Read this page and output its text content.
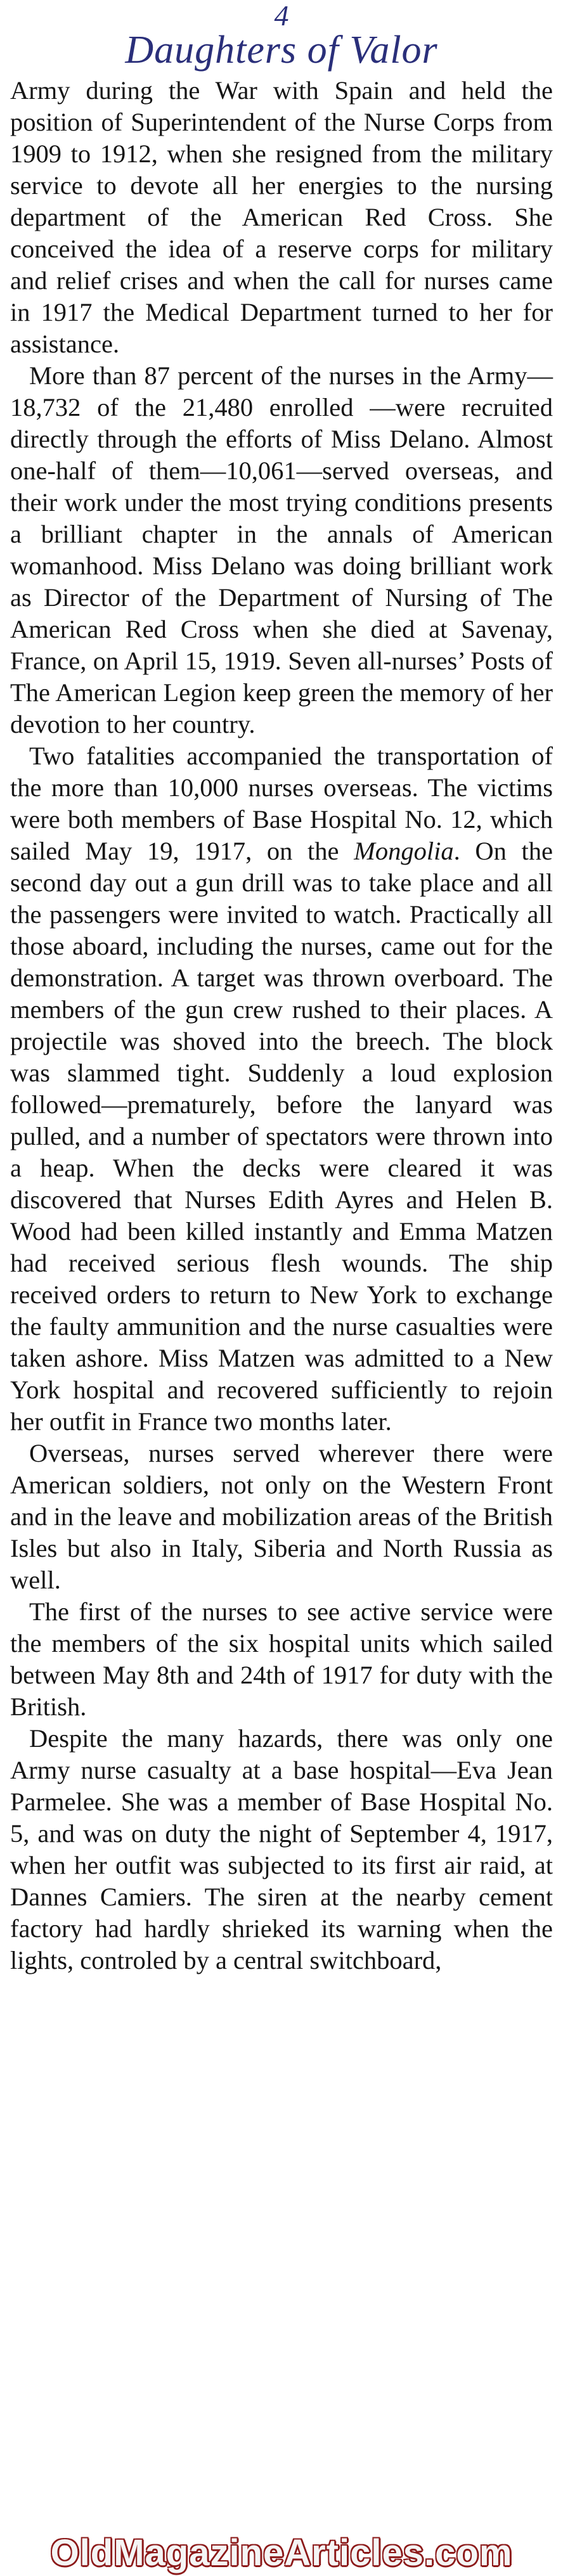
4
Daughters of Valor

Army during the War with Spain and held the position of Superintendent of the Nurse Corps from 1909 to 1912, when she resigned from the military service to devote all her energies to the nursing department of the American Red Cross. She conceived the idea of a reserve corps for military and relief crises and when the call for nurses came in 1917 the Medical Department turned to her for assistance.

More than 87 percent of the nurses in the Army—18,732 of the 21,480 enrolled —were recruited directly through the efforts of Miss Delano. Almost one-half of them—10,061—served overseas, and their work under the most trying conditions presents a brilliant chapter in the annals of American womanhood. Miss Delano was doing brilliant work as Director of the Department of Nursing of The American Red Cross when she died at Savenay, France, on April 15, 1919. Seven all-nurses’ Posts of The American Legion keep green the memory of her devotion to her country.

Two fatalities accompanied the transportation of the more than 10,000 nurses overseas. The victims were both members of Base Hospital No. 12, which sailed May 19, 1917, on the Mongolia. On the second day out a gun drill was to take place and all the passengers were invited to watch. Practically all those aboard, including the nurses, came out for the demonstration. A target was thrown overboard. The members of the gun crew rushed to their places. A projectile was shoved into the breech. The block was slammed tight. Suddenly a loud explosion followed—prematurely, before the lanyard was pulled, and a number of spectators were thrown into a heap. When the decks were cleared it was discovered that Nurses Edith Ayres and Helen B. Wood had been killed instantly and Emma Matzen had received serious flesh wounds. The ship received orders to return to New York to exchange the faulty ammunition and the nurse casualties were taken ashore. Miss Matzen was admitted to a New York hospital and recovered sufficiently to rejoin her outfit in France two months later.

Overseas, nurses served wherever there were American soldiers, not only on the Western Front and in the leave and mobilization areas of the British Isles but also in Italy, Siberia and North Russia as well.

The first of the nurses to see active service were the members of the six hospital units which sailed between May 8th and 24th of 1917 for duty with the British.

Despite the many hazards, there was only one Army nurse casualty at a base hospital—Eva Jean Parmelee. She was a member of Base Hospital No. 5, and was on duty the night of September 4, 1917, when her outfit was subjected to its first air raid, at Dannes Camiers. The siren at the nearby cement factory had hardly shrieked its warning when the lights, controled by a central switchboard,

OldMagazineArticles.com
